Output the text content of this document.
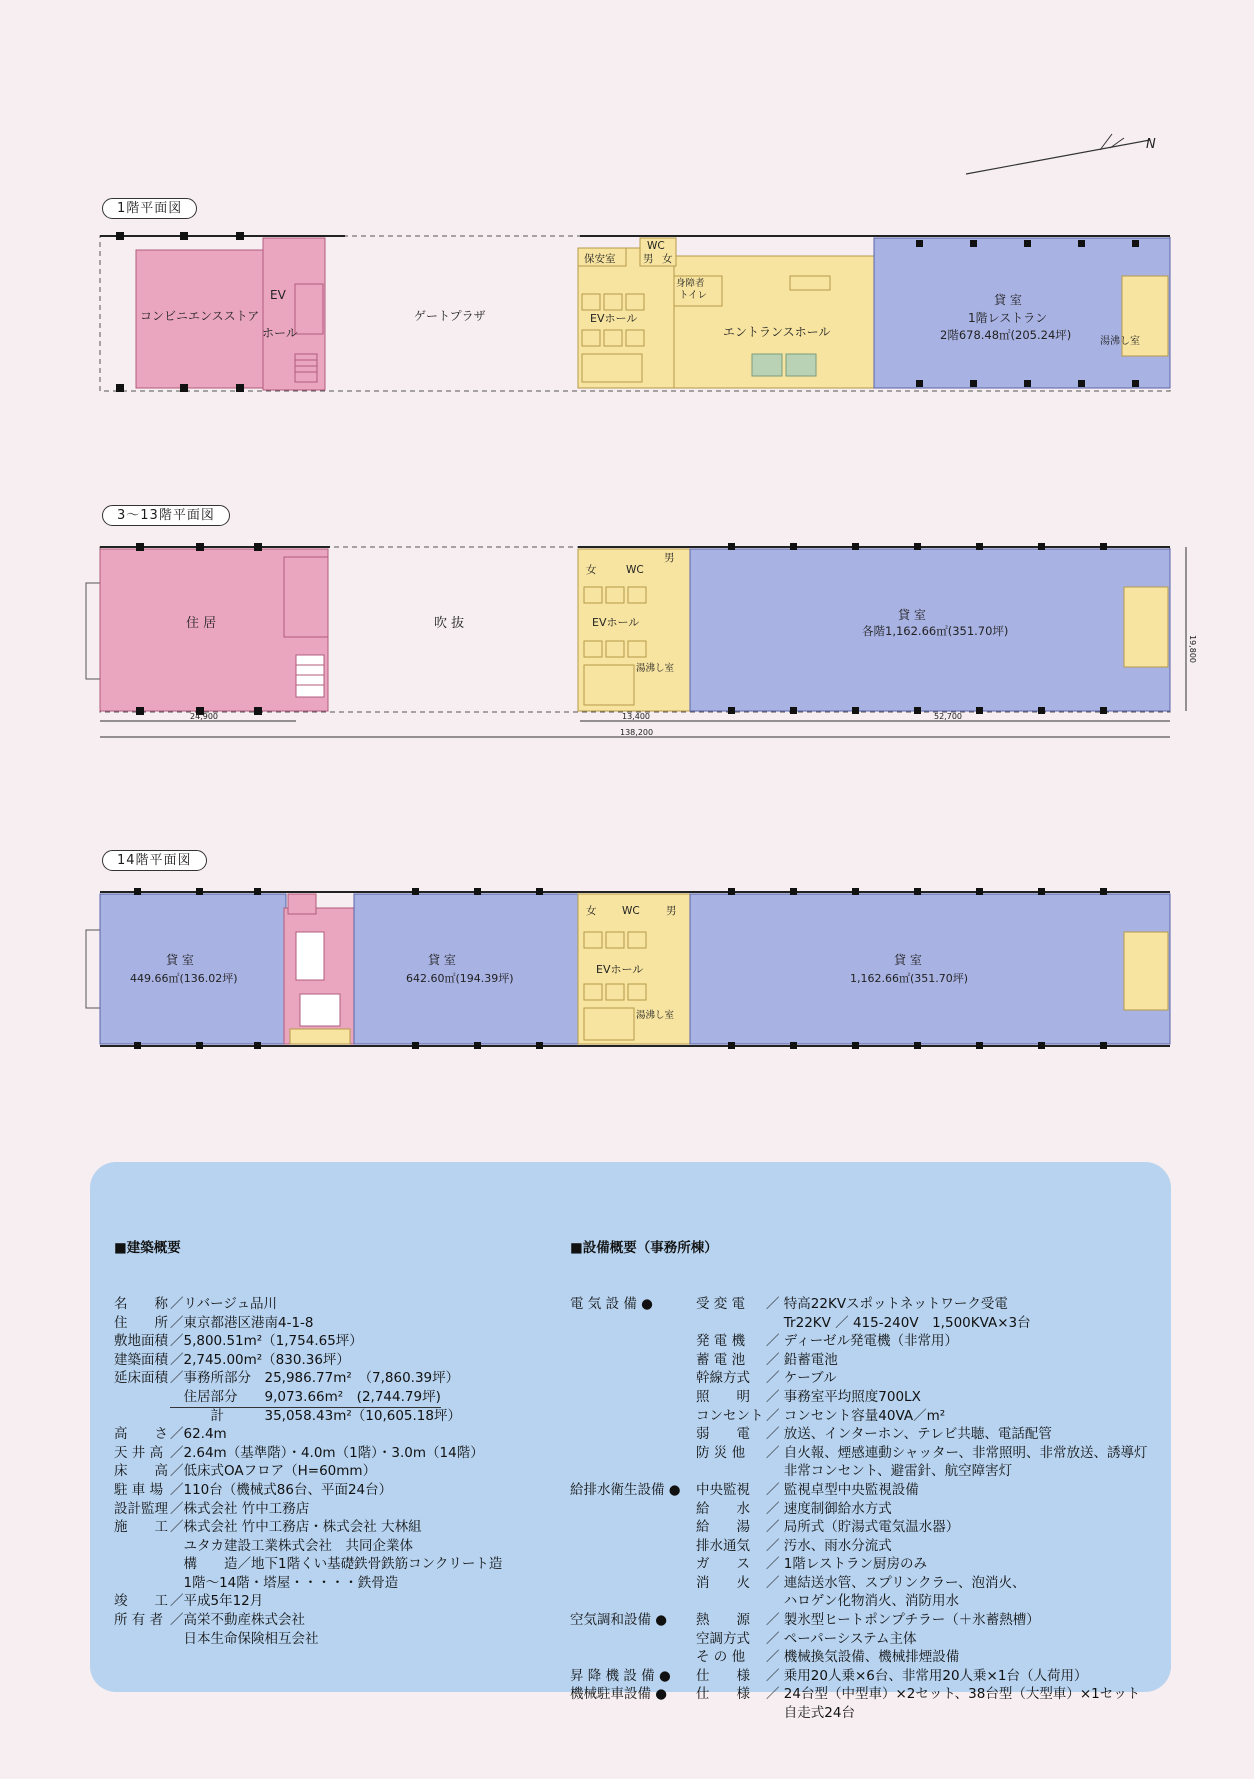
N
1階平面図
コンビニエンスストア
EV
ホール
ゲートプラザ
保安室
WC
男 女
身障者
トイレ
EVホール
エントランスホール
貸 室
1階レストラン
2階678.48㎡(205.24坪)	湯沸し室
3～13階平面図
住 居	吹 抜
女	WC
男
EVホール
湯沸し室
貸 室
各階1,162.66㎡(351.70坪)
24,900	13,400	52,700
138,200
19,800
14階平面図
貸 室
449.66㎡(136.02坪)
貸 室
642.60㎡(194.39坪)
貸 室
1,162.66㎡(351.70坪)
女 WC	男
EVホール
湯沸し室

■建築概要

名　　称 ／リバージュ品川
住　　所 ／東京都港区港南4-1-8
敷地面積 ／5,800.51m²（1,754.65坪）
建築面積 ／2,745.00m²（830.36坪）
延床面積 ／事務所部分　25,986.77m²　（7,860.39坪）
　住居部分　　9,073.66m²　(2,744.79坪)
　　　計　　　35,058.43m²（10,605.18坪）
高　　さ ／62.4m
天 井 高 ／2.64m（基準階）・4.0m（1階）・3.0m（14階）
床　　高 ／低床式OAフロア（H=60mm）
駐 車 場 ／110台（機械式86台、平面24台）
設計監理 ／株式会社 竹中工務店
施　　工 ／株式会社 竹中工務店・株式会社 大林組
　ユタカ建設工業株式会社　共同企業体
　構　　造／地下1階くい基礎鉄骨鉄筋コンクリート造
　1階～14階・塔屋・・・・・鉄骨造
竣　　工 ／平成5年12月
所 有 者 ／高栄不動産株式会社
　日本生命保険相互会社

■設備概要（事務所棟）

電 気 設 備 ●	受 変 電 ／ 特高22KVスポットネットワーク受電
　 Tr22KV ／ 415-240V　1,500KVA×3台
発 電 機 ／ ディーゼル発電機（非常用）
蓄 電 池 ／ 鉛蓄電池
幹線方式 ／ ケーブル
照　　明 ／ 事務室平均照度700LX
コンセント ／ コンセント容量40VA／m²
弱　　電 ／ 放送、インターホン、テレビ共聴、電話配管
防 災 他 ／ 自火報、煙感連動シャッター、非常照明、非常放送、誘導灯
　 非常コンセント、避雷針、航空障害灯
給排水衛生設備 ● 中央監視 ／ 監視卓型中央監視設備
給　　水 ／ 速度制御給水方式
給　　湯 ／ 局所式（貯湯式電気温水器）
排水通気 ／ 汚水、雨水分流式
ガ　　ス ／ 1階レストラン厨房のみ
消　　火 ／ 連結送水管、スプリンクラー、泡消火、
　 ハロゲン化物消火、消防用水
空気調和設備 ● 熱　　源 ／ 製氷型ヒートポンプチラー（＋氷蓄熱槽）
空調方式 ／ ペーパーシステム主体
そ の 他 ／ 機械換気設備、機械排煙設備
昇 降 機 設 備 ● 仕　　様 ／ 乗用20人乗×6台、非常用20人乗×1台（人荷用）
機械駐車設備 ● 仕　　様 ／ 24台型（中型車）×2セット、38台型（大型車）×1セット
　 自走式24台
